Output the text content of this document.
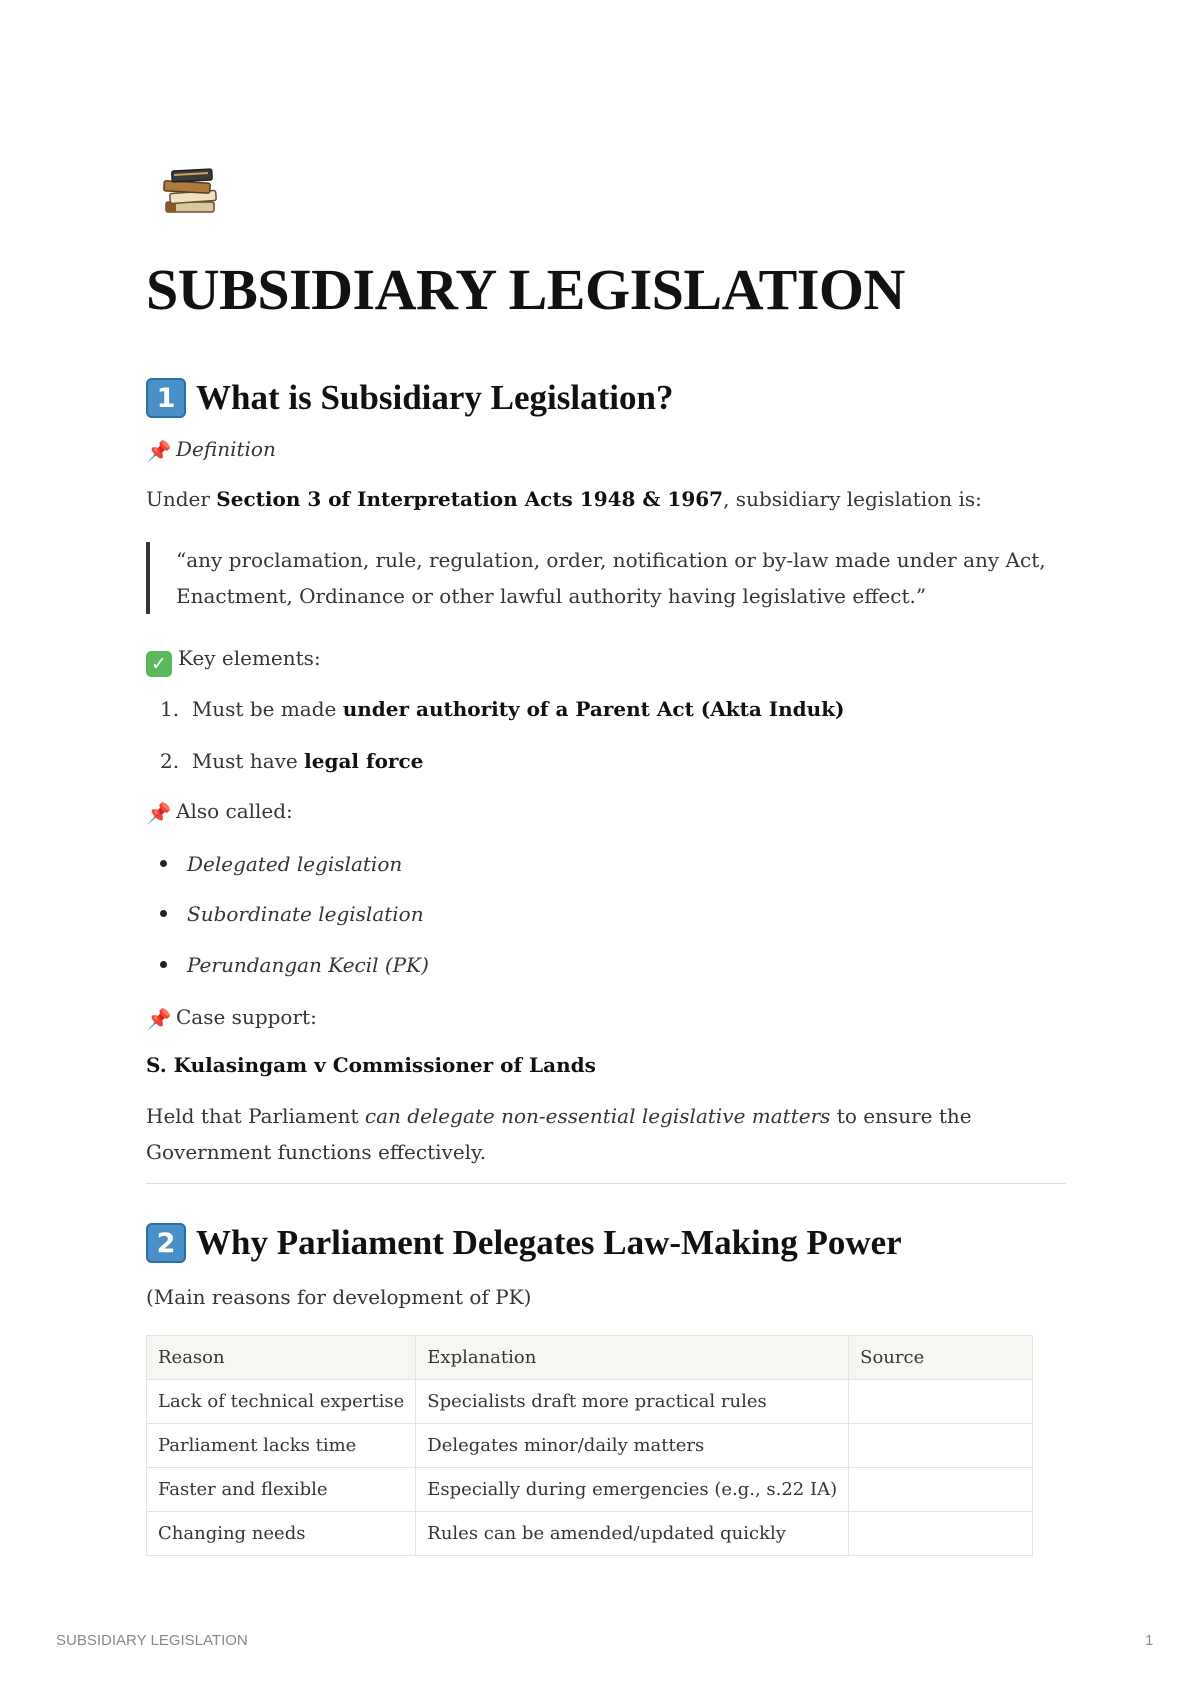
SUBSIDIARY LEGISLATION
1 What is Subsidiary Legislation?
📌 Definition
Under Section 3 of Interpretation Acts 1948 & 1967, subsidiary legislation is:
“any proclamation, rule, regulation, order, notification or by-law made under any Act, Enactment, Ordinance or other lawful authority having legislative effect.”
✓ Key elements:
1. Must be made under authority of a Parent Act (Akta Induk)
2. Must have legal force
📌 Also called:
Delegated legislation
Subordinate legislation
Perundangan Kecil (PK)
📌 Case support:
S. Kulasingam v Commissioner of Lands
Held that Parliament can delegate non-essential legislative matters to ensure the Government functions effectively.
2 Why Parliament Delegates Law-Making Power
(Main reasons for development of PK)
Reason	Explanation	Source
Lack of technical expertise	Specialists draft more practical rules	
Parliament lacks time	Delegates minor/daily matters	
Faster and flexible	Especially during emergencies (e.g., s.22 IA)	
Changing needs	Rules can be amended/updated quickly	
SUBSIDIARY LEGISLATION	1
